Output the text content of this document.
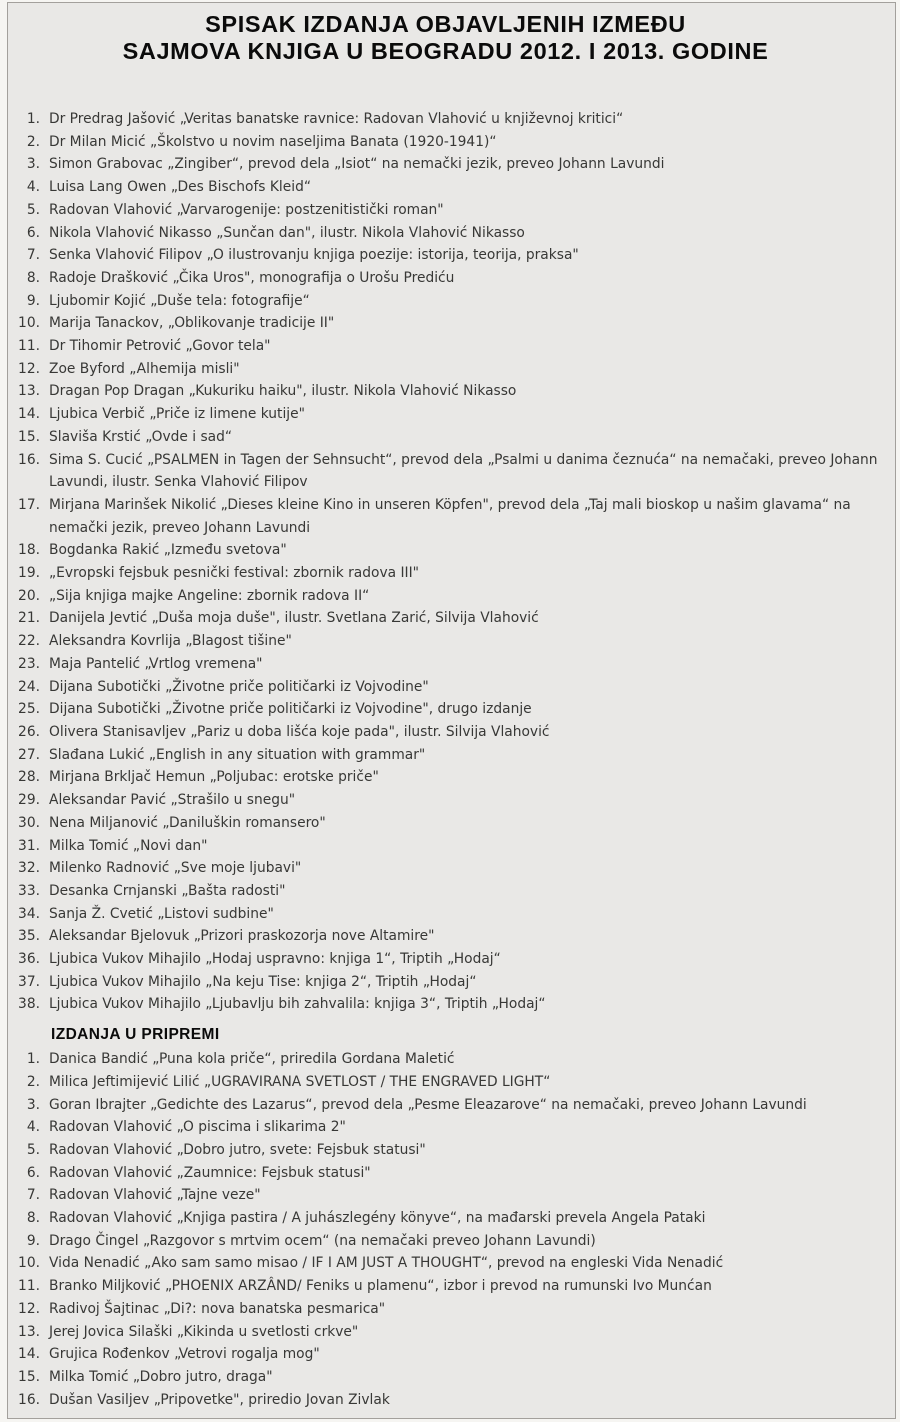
SPISAK IZDANJA OBJAVLJENIH IZMEĐU
SAJMOVA KNJIGA U BEOGRADU 2012. I 2013. GODINE
1. Dr Predrag Jašović „Veritas banatske ravnice: Radovan Vlahović u književnoj kritici“
2. Dr Milan Micić „Školstvo u novim naseljima Banata (1920-1941)“
3. Simon Grabovac „Zingiber“, prevod dela „Isiot“ na nemački jezik, preveo Johann Lavundi
4. Luisa Lang Owen „Des Bischofs Kleid“
5. Radovan Vlahović „Varvarogenije: postzenitistički roman"
6. Nikola Vlahović Nikasso „Sunčan dan", ilustr. Nikola Vlahović Nikasso
7. Senka Vlahović Filipov „O ilustrovanju knjiga poezije: istorija, teorija, praksa"
8. Radoje Drašković „Čika Uros", monografija o Urošu Prediću
9. Ljubomir Kojić „Duše tela: fotografije“
10. Marija Tanackov, „Oblikovanje tradicije II"
11. Dr Tihomir Petrović „Govor tela"
12. Zoe Byford „Alhemija misli"
13. Dragan Pop Dragan „Kukuriku haiku", ilustr. Nikola Vlahović Nikasso
14. Ljubica Verbič „Priče iz limene kutije"
15. Slaviša Krstić „Ovde i sad“
16. Sima S. Cucić „PSALMEN in Tagen der Sehnsucht“, prevod dela „Psalmi u danima čeznuća“ na nemačaki, preveo Johann Lavundi, ilustr. Senka Vlahović Filipov
17. Mirjana Marinšek Nikolić „Dieses kleine Kino in unseren Köpfen", prevod dela „Taj mali bioskop u našim glavama“ na nemački jezik, preveo Johann Lavundi
18. Bogdanka Rakić „Između svetova"
19. „Evropski fejsbuk pesnički festival: zbornik radova III"
20. „Sija knjiga majke Angeline: zbornik radova II“
21. Danijela Jevtić „Duša moja duše", ilustr. Svetlana Zarić, Silvija Vlahović
22. Aleksandra Kovrlija „Blagost tišine"
23. Maja Pantelić „Vrtlog vremena"
24. Dijana Subotički „Životne priče političarki iz Vojvodine"
25. Dijana Subotički „Životne priče političarki iz Vojvodine", drugo izdanje
26. Olivera Stanisavljev „Pariz u doba lišća koje pada", ilustr. Silvija Vlahović
27. Slađana Lukić „English in any situation with grammar"
28. Mirjana Brkljač Hemun „Poljubac: erotske priče"
29. Aleksandar Pavić „Strašilo u snegu"
30. Nena Miljanović „Daniluškin romansero"
31. Milka Tomić „Novi dan"
32. Milenko Radnović „Sve moje ljubavi"
33. Desanka Crnjanski „Bašta radosti"
34. Sanja Ž. Cvetić „Listovi sudbine"
35. Aleksandar Bjelovuk „Prizori praskozorja nove Altamire"
36. Ljubica Vukov Mihajilo „Hodaj uspravno: knjiga 1“, Triptih „Hodaj“
37. Ljubica Vukov Mihajilo „Na keju Tise: knjiga 2“, Triptih „Hodaj“
38. Ljubica Vukov Mihajilo „Ljubavlju bih zahvalila: knjiga 3“, Triptih „Hodaj“
IZDANJA U PRIPREMI
1. Danica Bandić „Puna kola priče“, priredila Gordana Maletić
2. Milica Jeftimijević Lilić „UGRAVIRANA SVETLOST / THE ENGRAVED LIGHT“
3. Goran Ibrajter „Gedichte des Lazarus“, prevod dela „Pesme Eleazarove“ na nemačaki, preveo Johann Lavundi
4. Radovan Vlahović „O piscima i slikarima 2"
5. Radovan Vlahović „Dobro jutro, svete: Fejsbuk statusi"
6. Radovan Vlahović „Zaumnice: Fejsbuk statusi"
7. Radovan Vlahović „Tajne veze"
8. Radovan Vlahović „Knjiga pastira / A juhászlegény könyve“, na mađarski prevela Angela Pataki
9. Drago Čingel „Razgovor s mrtvim ocem“ (na nemačaki preveo Johann Lavundi)
10. Vida Nenadić „Ako sam samo misao / IF I AM JUST A THOUGHT“, prevod na engleski Vida Nenadić
11. Branko Miljković „PHOENIX ARZÂND/ Feniks u plamenu“, izbor i prevod na rumunski Ivo Munćan
12. Radivoj Šajtinac „Di?: nova banatska pesmarica"
13. Jerej Jovica Silaški „Kikinda u svetlosti crkve"
14. Grujica Rođenkov „Vetrovi rogalja mog"
15. Milka Tomić „Dobro jutro, draga"
16. Dušan Vasiljev „Pripovetke", priredio Jovan Zivlak
